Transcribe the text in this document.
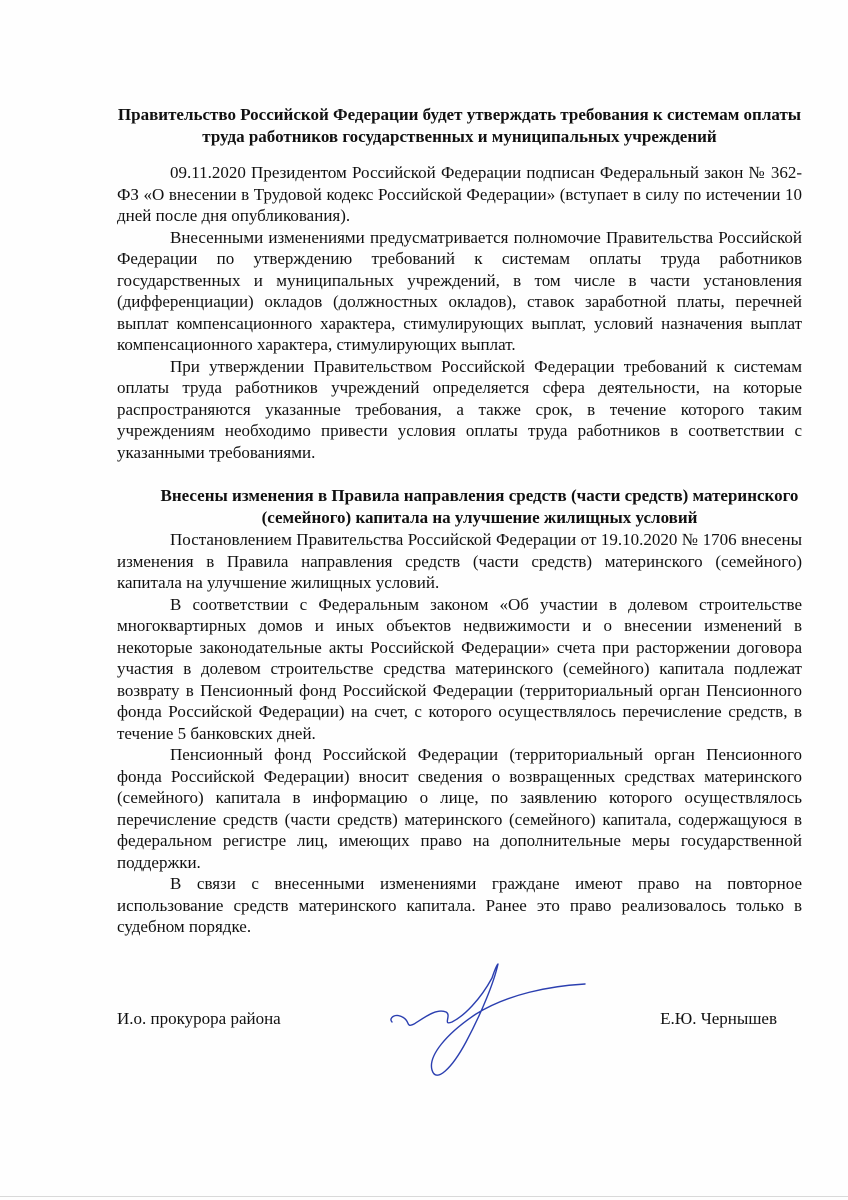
Правительство Российской Федерации будет утверждать требования к системам оплаты труда работников государственных и муниципальных учреждений

09.11.2020 Президентом Российской Федерации подписан Федеральный закон № 362-ФЗ «О внесении в Трудовой кодекс Российской Федерации» (вступает в силу по истечении 10 дней после дня опубликования).

Внесенными изменениями предусматривается полномочие Правительства Российской Федерации по утверждению требований к системам оплаты труда работников государственных и муниципальных учреждений, в том числе в части установления (дифференциации) окладов (должностных окладов), ставок заработной платы, перечней выплат компенсационного характера, стимулирующих выплат, условий назначения выплат компенсационного характера, стимулирующих выплат.

При утверждении Правительством Российской Федерации требований к системам оплаты труда работников учреждений определяется сфера деятельности, на которые распространяются указанные требования, а также срок, в течение которого таким учреждениям необходимо привести условия оплаты труда работников в соответствии с указанными требованиями.

Внесены изменения в Правила направления средств (части средств) материнского (семейного) капитала на улучшение жилищных условий

Постановлением Правительства Российской Федерации от 19.10.2020 № 1706 внесены изменения в Правила направления средств (части средств) материнского (семейного) капитала на улучшение жилищных условий.

В соответствии с Федеральным законом «Об участии в долевом строительстве многоквартирных домов и иных объектов недвижимости и о внесении изменений в некоторые законодательные акты Российской Федерации» счета при расторжении договора участия в долевом строительстве средства материнского (семейного) капитала подлежат возврату в Пенсионный фонд Российской Федерации (территориальный орган Пенсионного фонда Российской Федерации) на счет, с которого осуществлялось перечисление средств, в течение 5 банковских дней.

Пенсионный фонд Российской Федерации (территориальный орган Пенсионного фонда Российской Федерации) вносит сведения о возвращенных средствах материнского (семейного) капитала в информацию о лице, по заявлению которого осуществлялось перечисление средств (части средств) материнского (семейного) капитала, содержащуюся в федеральном регистре лиц, имеющих право на дополнительные меры государственной поддержки.

В связи с внесенными изменениями граждане имеют право на повторное использование средств материнского капитала. Ранее это право реализовалось только в судебном порядке.

И.о. прокурора района	Е.Ю. Чернышев
